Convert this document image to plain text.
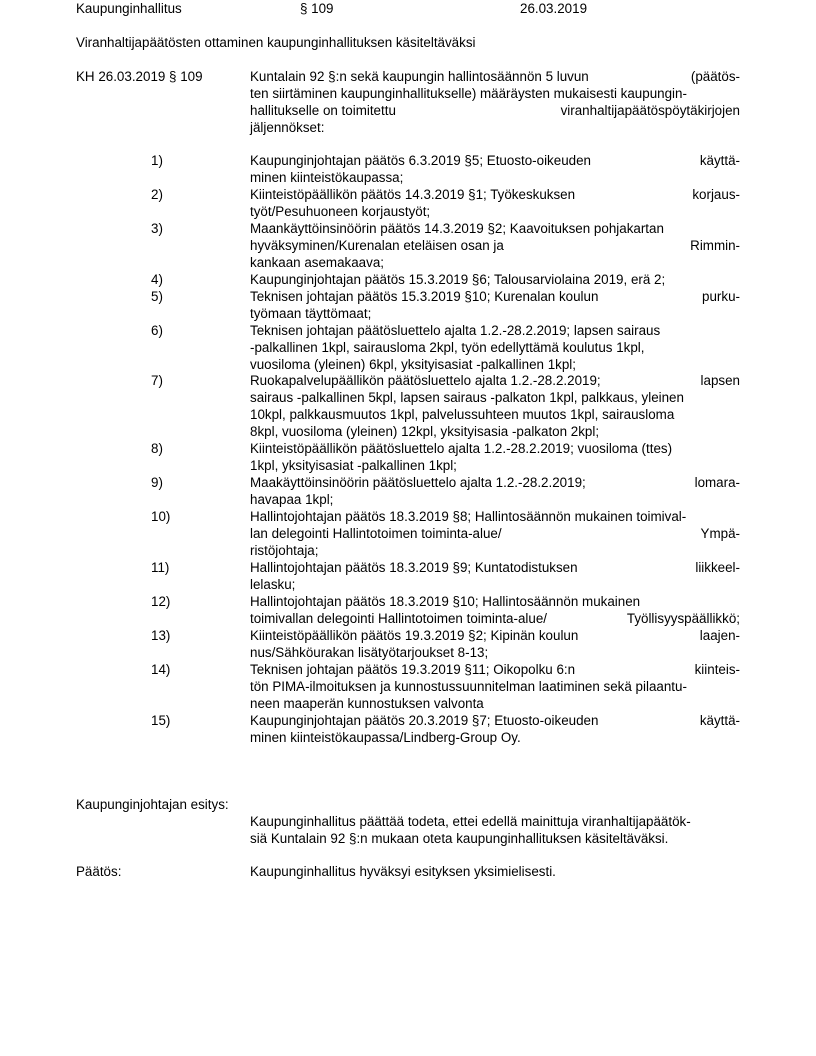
Kaupunginhallitus	§ 109	26.03.2019
Viranhaltijapäätösten ottaminen kaupunginhallituksen käsiteltäväksi
KH 26.03.2019 § 109	Kuntalain 92 §:n sekä kaupungin hallintosäännön 5 luvun	(päätös-
ten siirtäminen kaupunginhallitukselle) määräysten mukaisesti kaupungin-
hallitukselle on toimitettu	viranhaltijapäätöspöytäkirjojen
jäljennökset:
1)	Kaupunginjohtajan päätös 6.3.2019 §5; Etuosto-oikeuden	käyttä-
minen kiinteistökaupassa;
2)	Kiinteistöpäällikön päätös 14.3.2019 §1; Työkeskuksen	korjaus-
työt/Pesuhuoneen korjaustyöt;
3)	Maankäyttöinsinöörin päätös 14.3.2019 §2; Kaavoituksen pohjakartan
hyväksyminen/Kurenalan eteläisen osan ja	Rimmin-
kankaan asemakaava;
4)	Kaupunginjohtajan päätös 15.3.2019 §6; Talousarviolaina 2019, erä 2;
5)	Teknisen johtajan päätös 15.3.2019 §10; Kurenalan koulun	purku-
työmaan täyttömaat;
6)	Teknisen johtajan päätösluettelo ajalta 1.2.-28.2.2019; lapsen sairaus
-palkallinen 1kpl, sairausloma 2kpl, työn edellyttämä koulutus 1kpl,
vuosiloma (yleinen) 6kpl, yksityisasiat -palkallinen 1kpl;
7)	Ruokapalvelupäällikön päätösluettelo ajalta 1.2.-28.2.2019;	lapsen
sairaus -palkallinen 5kpl, lapsen sairaus -palkaton 1kpl, palkkaus, yleinen
10kpl, palkkausmuutos 1kpl, palvelussuhteen muutos 1kpl, sairausloma
8kpl, vuosiloma (yleinen) 12kpl, yksityisasia -palkaton 2kpl;
8)	Kiinteistöpäällikön päätösluettelo ajalta 1.2.-28.2.2019; vuosiloma (ttes)
1kpl, yksityisasiat -palkallinen 1kpl;
9)	Maakäyttöinsinöörin päätösluettelo ajalta 1.2.-28.2.2019;	lomara-
havapaa 1kpl;
10)	Hallintojohtajan päätös 18.3.2019 §8; Hallintosäännön mukainen toimival-
lan delegointi Hallintotoimen toiminta-alue/	Ympä-
ristöjohtaja;
11)	Hallintojohtajan päätös 18.3.2019 §9; Kuntatodistuksen	liikkeel-
lelasku;
12)	Hallintojohtajan päätös 18.3.2019 §10; Hallintosäännön mukainen
toimivallan delegointi Hallintotoimen toiminta-alue/	Työllisyyspäällikkö;
13)	Kiinteistöpäällikön päätös 19.3.2019 §2; Kipinän koulun	laajen-
nus/Sähköurakan lisätyötarjoukset 8-13;
14)	Teknisen johtajan päätös 19.3.2019 §11; Oikopolku 6:n	kiinteis-
tön PIMA-ilmoituksen ja kunnostussuunnitelman laatiminen sekä pilaantu-
neen maaperän kunnostuksen valvonta
15)	Kaupunginjohtajan päätös 20.3.2019 §7; Etuosto-oikeuden	käyttä-
minen kiinteistökaupassa/Lindberg-Group Oy.
Kaupunginjohtajan esitys:
Kaupunginhallitus päättää todeta, ettei edellä mainittuja viranhaltijapäätök-
siä Kuntalain 92 §:n mukaan oteta kaupunginhallituksen käsiteltäväksi.
Päätös:	Kaupunginhallitus hyväksyi esityksen yksimielisesti.
